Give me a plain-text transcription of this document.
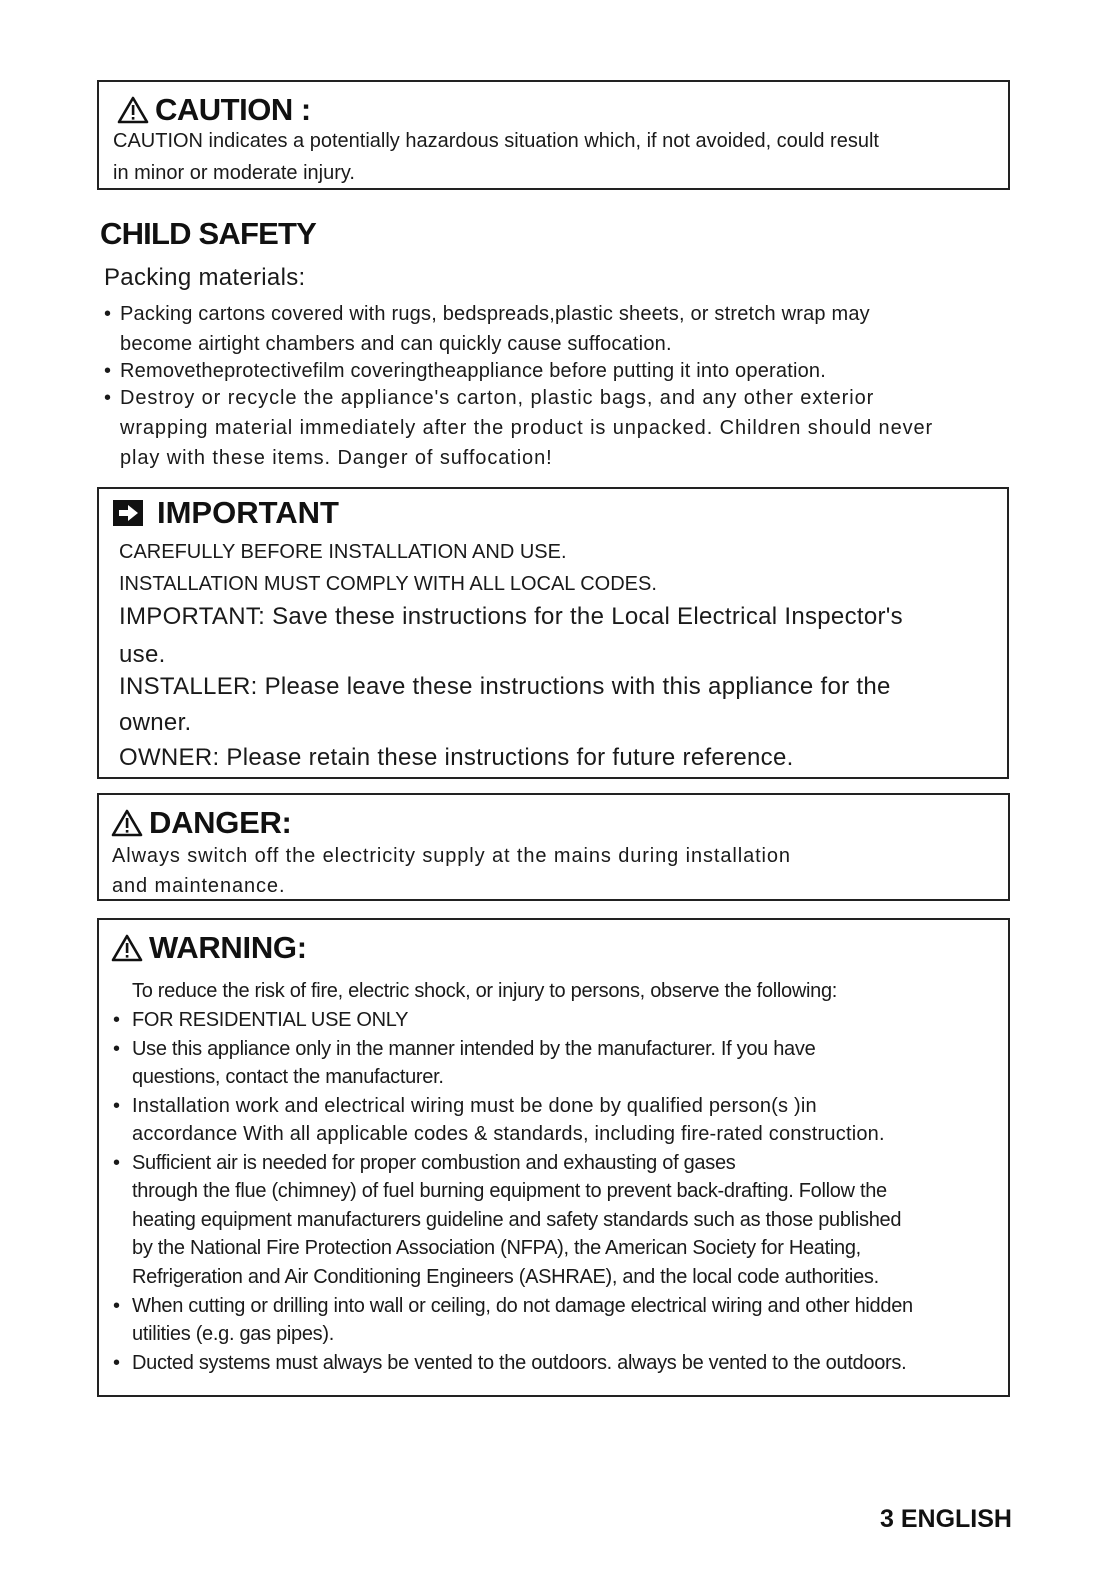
CAUTION :
CAUTION indicates a potentially hazardous situation which, if not avoided, could result
in minor or moderate injury.
CHILD SAFETY
Packing materials:
• Packing cartons covered with rugs, bedspreads,plastic sheets, or stretch wrap may
become airtight chambers and can quickly cause suffocation.
• Removetheprotectivefilm coveringtheappliance before putting it into operation.
• Destroy or recycle the appliance's carton, plastic bags, and any other exterior
wrapping material immediately after the product is unpacked. Children should never
play with these items. Danger of suffocation!
IMPORTANT
CAREFULLY BEFORE INSTALLATION AND USE.
INSTALLATION MUST COMPLY WITH ALL LOCAL CODES.
IMPORTANT: Save these instructions for the Local Electrical Inspector's
use.
INSTALLER: Please leave these instructions with this appliance for the
owner.
OWNER: Please retain these instructions for future reference.
DANGER:
Always switch off the electricity supply at the mains during installation
and maintenance.
WARNING:
To reduce the risk of fire, electric shock, or injury to persons, observe the following:
• FOR RESIDENTIAL USE ONLY
• Use this appliance only in the manner intended by the manufacturer. If you have
questions, contact the manufacturer.
• Installation work and electrical wiring must be done by qualified person(s )in
accordance With all applicable codes & standards, including fire-rated construction.
• Sufficient air is needed for proper combustion and exhausting of gases
through the flue (chimney) of fuel burning equipment to prevent back-drafting. Follow the
heating equipment manufacturers guideline and safety standards such as those published
by the National Fire Protection Association (NFPA), the American Society for Heating,
Refrigeration and Air Conditioning Engineers (ASHRAE), and the local code authorities.
• When cutting or drilling into wall or ceiling, do not damage electrical wiring and other hidden
utilities (e.g. gas pipes).
• Ducted systems must always be vented to the outdoors. always be vented to the outdoors.
3 ENGLISH
